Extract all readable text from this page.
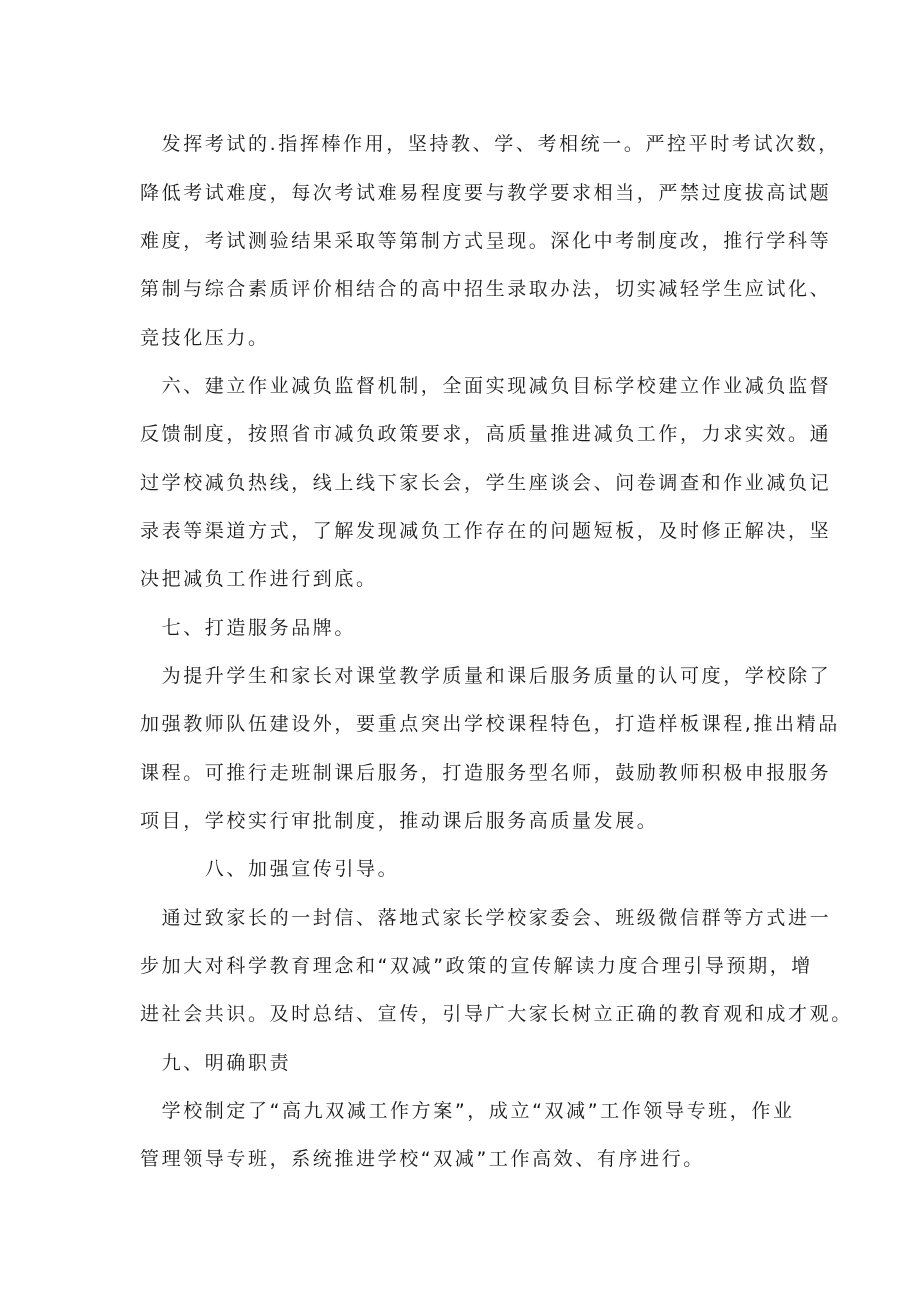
　发挥考试的.指挥棒作用，坚持教、学、考相统一。严控平时考试次数，
降低考试难度，每次考试难易程度要与教学要求相当，严禁过度拔高试题
难度，考试测验结果采取等第制方式呈现。深化中考制度改，推行学科等
第制与综合素质评价相结合的高中招生录取办法，切实减轻学生应试化、
竞技化压力。
　六、建立作业减负监督机制，全面实现减负目标学校建立作业减负监督
反馈制度，按照省市减负政策要求，高质量推进减负工作，力求实效。通
过学校减负热线，线上线下家长会，学生座谈会、问卷调查和作业减负记
录表等渠道方式，了解发现减负工作存在的问题短板，及时修正解决，坚
决把减负工作进行到底。
　七、打造服务品牌。
　为提升学生和家长对课堂教学质量和课后服务质量的认可度，学校除了
加强教师队伍建设外，要重点突出学校课程特色，打造样板课程,推出精品
课程。可推行走班制课后服务，打造服务型名师，鼓励教师积极申报服务
项目，学校实行审批制度，推动课后服务高质量发展。
　　　八、加强宣传引导。
　通过致家长的一封信、落地式家长学校家委会、班级微信群等方式进一
步加大对科学教育理念和“双减”政策的宣传解读力度合理引导预期，增
进社会共识。及时总结、宣传，引导广大家长树立正确的教育观和成才观。
　九、明确职责
　学校制定了“高九双减工作方案”，成立“双减”工作领导专班，作业
管理领导专班，系统推进学校“双减”工作高效、有序进行。
